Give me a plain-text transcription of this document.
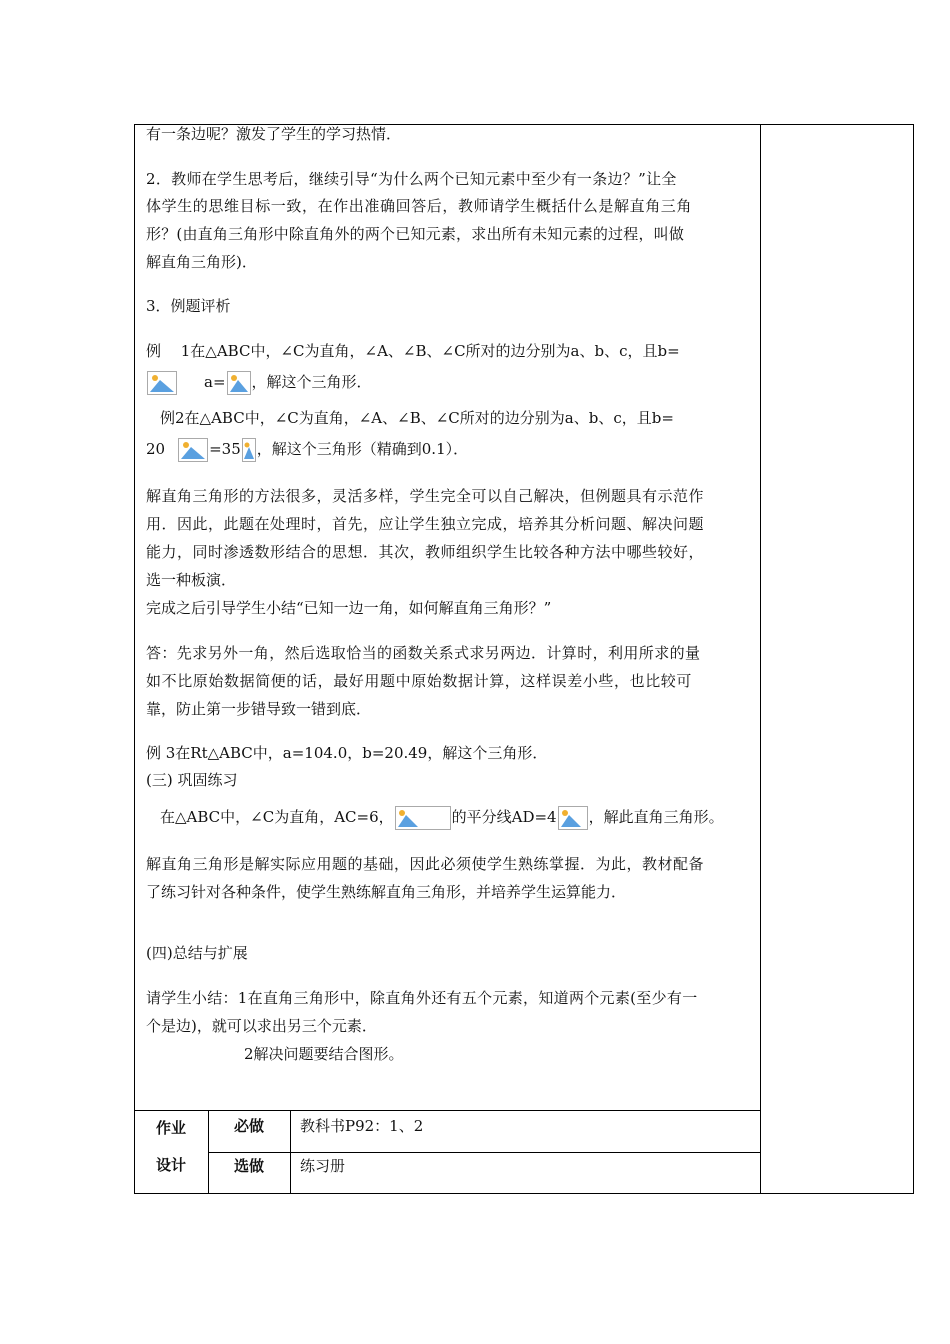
有一条边呢？激发了学生的学习热情．
2．教师在学生思考后，继续引导“为什么两个已知元素中至少有一条边？”让全
体学生的思维目标一致，在作出准确回答后，教师请学生概括什么是解直角三角
形？(由直角三角形中除直角外的两个已知元素，求出所有未知元素的过程，叫做
解直角三角形)．
3．例题评析
例　 1在△ABC中，∠C为直角，∠A、∠B、∠C所对的边分别为a、b、c，且b=
a= ，解这个三角形．
例2在△ABC中，∠C为直角，∠A、∠B、∠C所对的边分别为a、b、c，且b=
20	=35 ，解这个三角形（精确到0.1）．
解直角三角形的方法很多，灵活多样，学生完全可以自己解决，但例题具有示范作
用．因此，此题在处理时，首先，应让学生独立完成，培养其分析问题、解决问题
能力，同时渗透数形结合的思想．其次，教师组织学生比较各种方法中哪些较好，
选一种板演．
完成之后引导学生小结“已知一边一角，如何解直角三角形？”
答：先求另外一角，然后选取恰当的函数关系式求另两边．计算时，利用所求的量
如不比原始数据简便的话，最好用题中原始数据计算，这样误差小些，也比较可
靠，防止第一步错导致一错到底．
例 3在Rt△ABC中，a=104.0，b=20.49，解这个三角形．
(三) 巩固练习
在△ABC中，∠C为直角，AC=6，	的平分线AD=4 ，解此直角三角形。
解直角三角形是解实际应用题的基础，因此必须使学生熟练掌握．为此，教材配备
了练习针对各种条件，使学生熟练解直角三角形，并培养学生运算能力．
(四)总结与扩展
请学生小结：1在直角三角形中，除直角外还有五个元素，知道两个元素(至少有一
个是边)，就可以求出另三个元素．
2解决问题要结合图形。
作业
设计
必做 教科书P92：1、2
选做 练习册
